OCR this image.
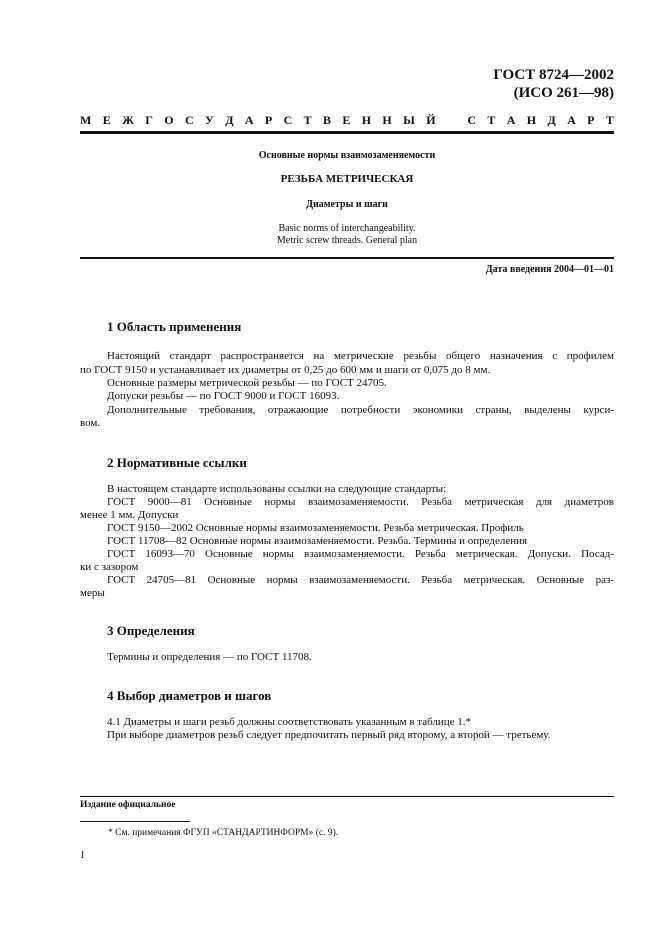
ГОСТ 8724—2002
(ИСО 261—98)
М Е Ж Г О С У Д А Р С Т В Е Н Н Ы Й
	С Т А Н Д А Р Т
Основные нормы взаимозаменяемости
РЕЗЬБА МЕТРИЧЕСКАЯ
Диаметры и шаги
Basic norms of interchangeability.
Metric screw threads. General plan
Дата введения 2004—01—01
1 Область применения
Настоящий стандарт распространяется на метрические резьбы общего назначения с профилем
по ГОСТ 9150 и устанавливает их диаметры от 0,25 до 600 мм и шаги от 0,075 до 8 мм.
Основные размеры метрической резьбы — по ГОСТ 24705.
Допуски резьбы — по ГОСТ 9000 и ГОСТ 16093.
Дополнительные требования, отражающие потребности экономики страны, выделены курси-
вом.
2 Нормативные ссылки
В настоящем стандарте использованы ссылки на следующие стандарты:
ГОСТ 9000—81 Основные нормы взаимозаменяемости. Резьба метрическая для диаметров
менее 1 мм. Допуски
ГОСТ 9150—2002 Основные нормы взаимозаменяемости. Резьба метрическая. Профиль
ГОСТ 11708—82 Основные нормы взаимозаменяемости. Резьба. Термины и определения
ГОСТ 16093—70 Основные нормы взаимозаменяемости. Резьба метрическая. Допуски. Посад-
ки с зазором
ГОСТ 24705—81 Основные нормы взаимозаменяемости. Резьба метрическая. Основные раз-
меры
3 Определения
Термины и определения — по ГОСТ 11708.
4 Выбор диаметров и шагов
4.1 Диаметры и шаги резьб должны соответствовать указанным в таблице 1.*
При выборе диаметров резьб следует предпочитать первый ряд второму, а второй — третьему.
Издание официальное
* См. примечания ФГУП «СТАНДАРТИНФОРМ» (с. 9).
1
